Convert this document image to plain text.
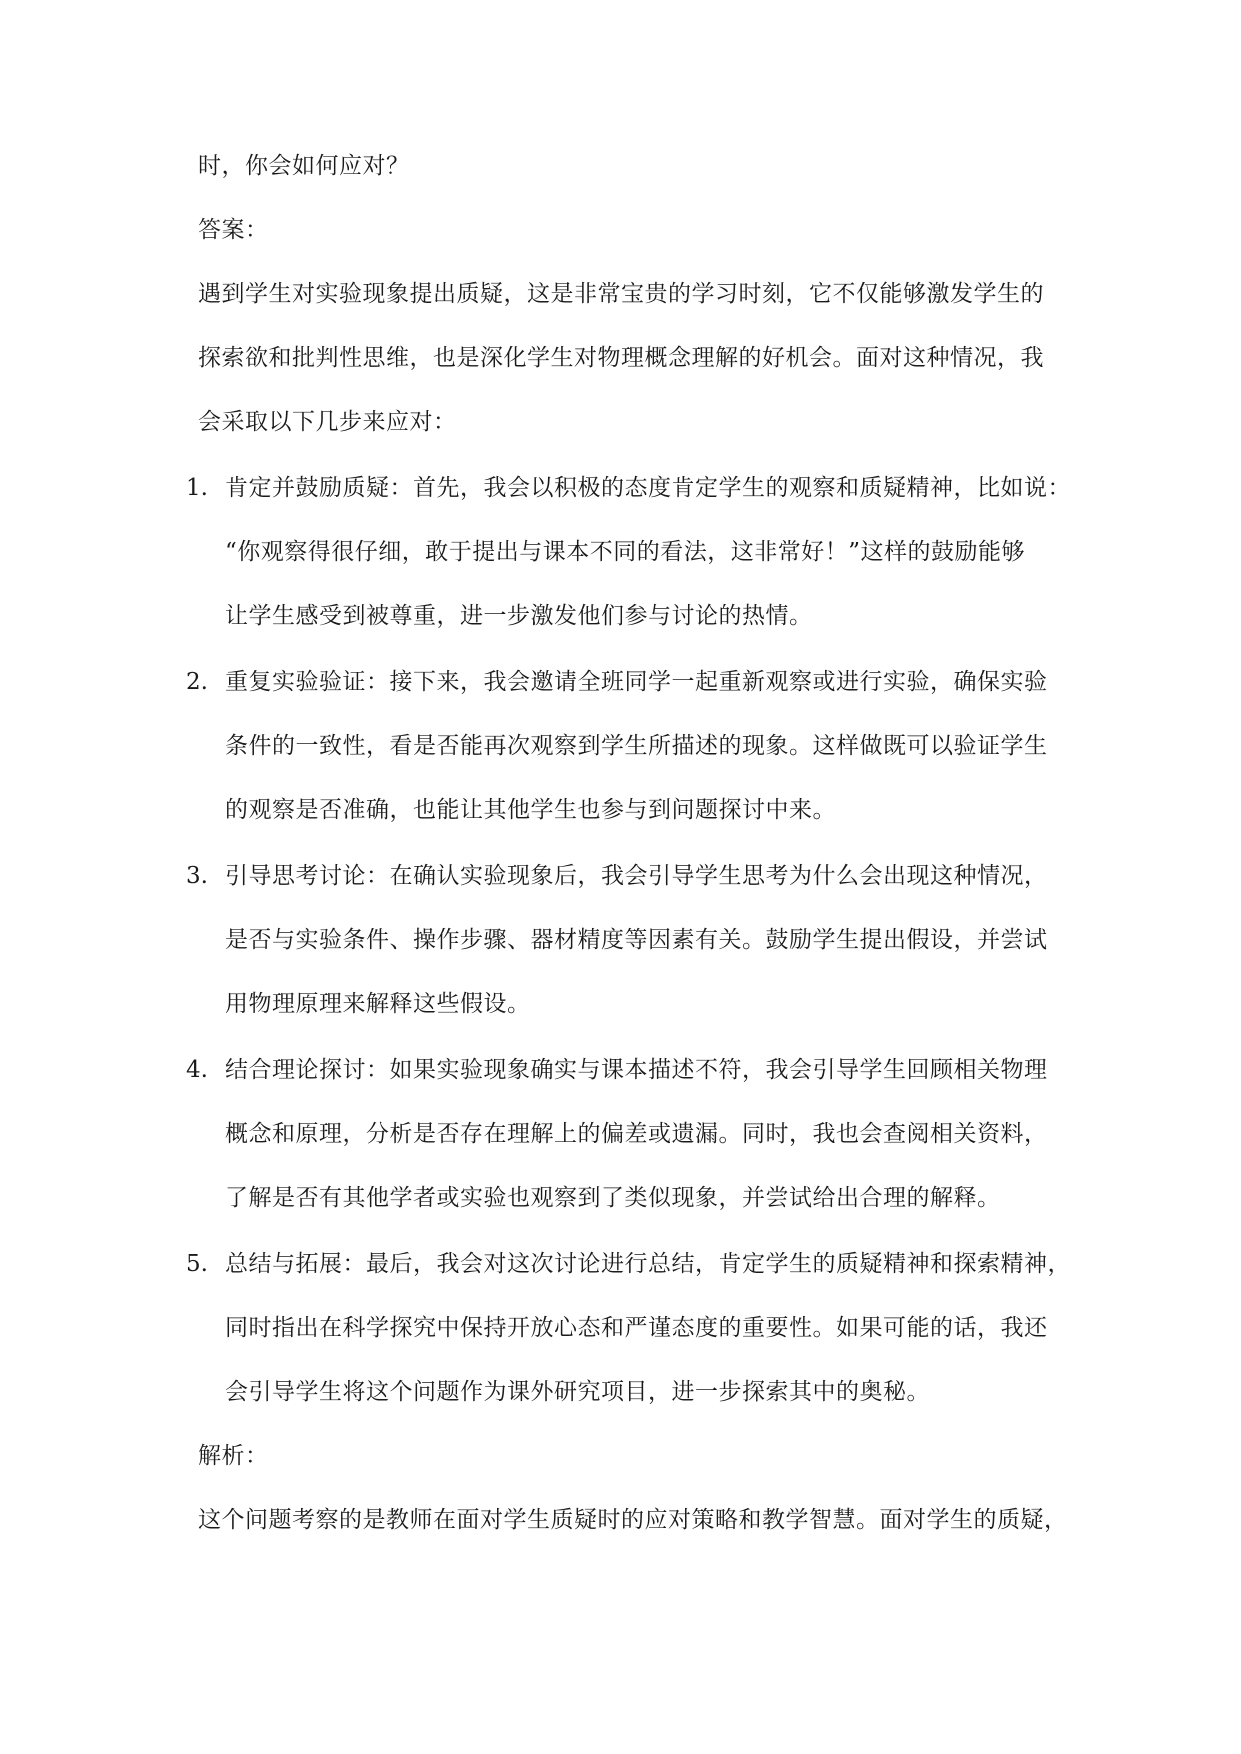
时，你会如何应对？
答案：
遇到学生对实验现象提出质疑，这是非常宝贵的学习时刻，它不仅能够激发学生的
探索欲和批判性思维，也是深化学生对物理概念理解的好机会。面对这种情况，我
会采取以下几步来应对：
1. 肯定并鼓励质疑：首先，我会以积极的态度肯定学生的观察和质疑精神，比如说：
“你观察得很仔细，敢于提出与课本不同的看法，这非常好！”这样的鼓励能够
让学生感受到被尊重，进一步激发他们参与讨论的热情。
2. 重复实验验证：接下来，我会邀请全班同学一起重新观察或进行实验，确保实验
条件的一致性，看是否能再次观察到学生所描述的现象。这样做既可以验证学生
的观察是否准确，也能让其他学生也参与到问题探讨中来。
3. 引导思考讨论：在确认实验现象后，我会引导学生思考为什么会出现这种情况，
是否与实验条件、操作步骤、器材精度等因素有关。鼓励学生提出假设，并尝试
用物理原理来解释这些假设。
4. 结合理论探讨：如果实验现象确实与课本描述不符，我会引导学生回顾相关物理
概念和原理，分析是否存在理解上的偏差或遗漏。同时，我也会查阅相关资料，
了解是否有其他学者或实验也观察到了类似现象，并尝试给出合理的解释。
5. 总结与拓展：最后，我会对这次讨论进行总结，肯定学生的质疑精神和探索精神，
同时指出在科学探究中保持开放心态和严谨态度的重要性。如果可能的话，我还
会引导学生将这个问题作为课外研究项目，进一步探索其中的奥秘。
解析：
这个问题考察的是教师在面对学生质疑时的应对策略和教学智慧。面对学生的质疑，
